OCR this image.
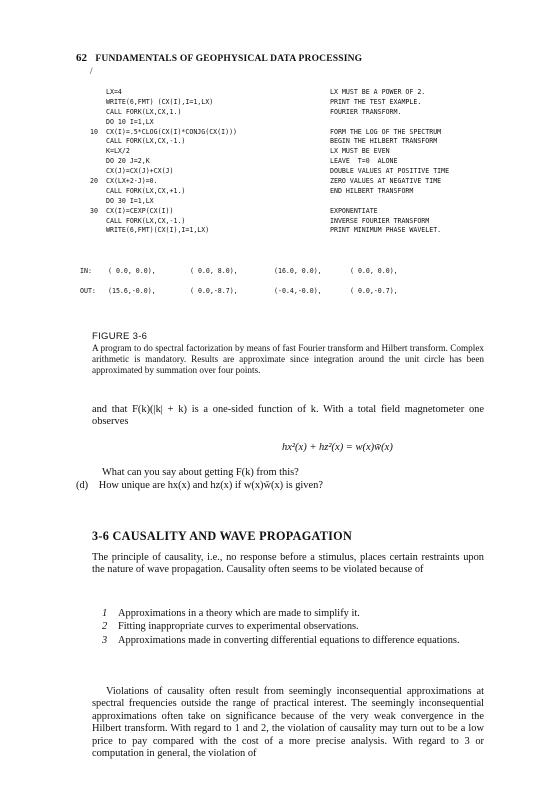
62 FUNDAMENTALS OF GEOPHYSICAL DATA PROCESSING
/
LX=4	LX MUST BE A POWER OF 2.
WRITE(6,FMT) (CX(I),I=1,LX)	PRINT THE TEST EXAMPLE.
CALL FORK(LX,CX,1.)	FOURIER TRANSFORM.
DO 10 I=1,LX
10 CX(I)=.5*CLOG(CX(I)*CONJG(CX(I)))	FORM THE LOG OF THE SPECTRUM
CALL FORK(LX,CX,-1.)	BEGIN THE HILBERT TRANSFORM
K=LX/2	LX MUST BE EVEN
DO 20 J=2,K	LEAVE  T=0  ALONE
CX(J)=CX(J)+CX(J)	DOUBLE VALUES AT POSITIVE TIME
20 CX(LX+2-J)=0.	ZERO VALUES AT NEGATIVE TIME
CALL FORK(LX,CX,+1.)	END HILBERT TRANSFORM
DO 30 I=1,LX
30 CX(I)=CEXP(CX(I))	EXPONENTIATE
CALL FORK(LX,CX,-1.)	INVERSE FOURIER TRANSFORM
WRITE(6,FMT)(CX(I),I=1,LX)	PRINT MINIMUM PHASE WAVELET.
IN: ( 0.0, 0.0),	( 0.0, 8.0),	(16.0, 0.0),	( 0.0, 0.0),
OUT: (15.6,-0.0),	( 0.0,-8.7),	(-0.4,-0.0),	( 0.0,-0.7),
FIGURE 3-6
A program to do spectral factorization by means of fast Fourier transform and Hilbert transform. Complex arithmetic is mandatory. Results are approximate since integration around the unit circle has been approximated by summation over four points.
and that F(k)(|k| + k) is a one-sided function of k. With a total field magnetometer one observes
hx²(x) + hz²(x) = w(x)w̄(x)
What can you say about getting F(k) from this?
(d) How unique are hx(x) and hz(x) if w(x)w̄(x) is given?
3-6 CAUSALITY AND WAVE PROPAGATION
The principle of causality, i.e., no response before a stimulus, places certain restraints upon the nature of wave propagation. Causality often seems to be violated because of
1 Approximations in a theory which are made to simplify it.
2 Fitting inappropriate curves to experimental observations.
3 Approximations made in converting differential equations to difference equations.
Violations of causality often result from seemingly inconsequential approximations at spectral frequencies outside the range of practical interest. The seemingly inconsequential approximations often take on significance because of the very weak convergence in the Hilbert transform. With regard to 1 and 2, the violation of causality may turn out to be a low price to pay compared with the cost of a more precise analysis. With regard to 3 or computation in general, the violation of
